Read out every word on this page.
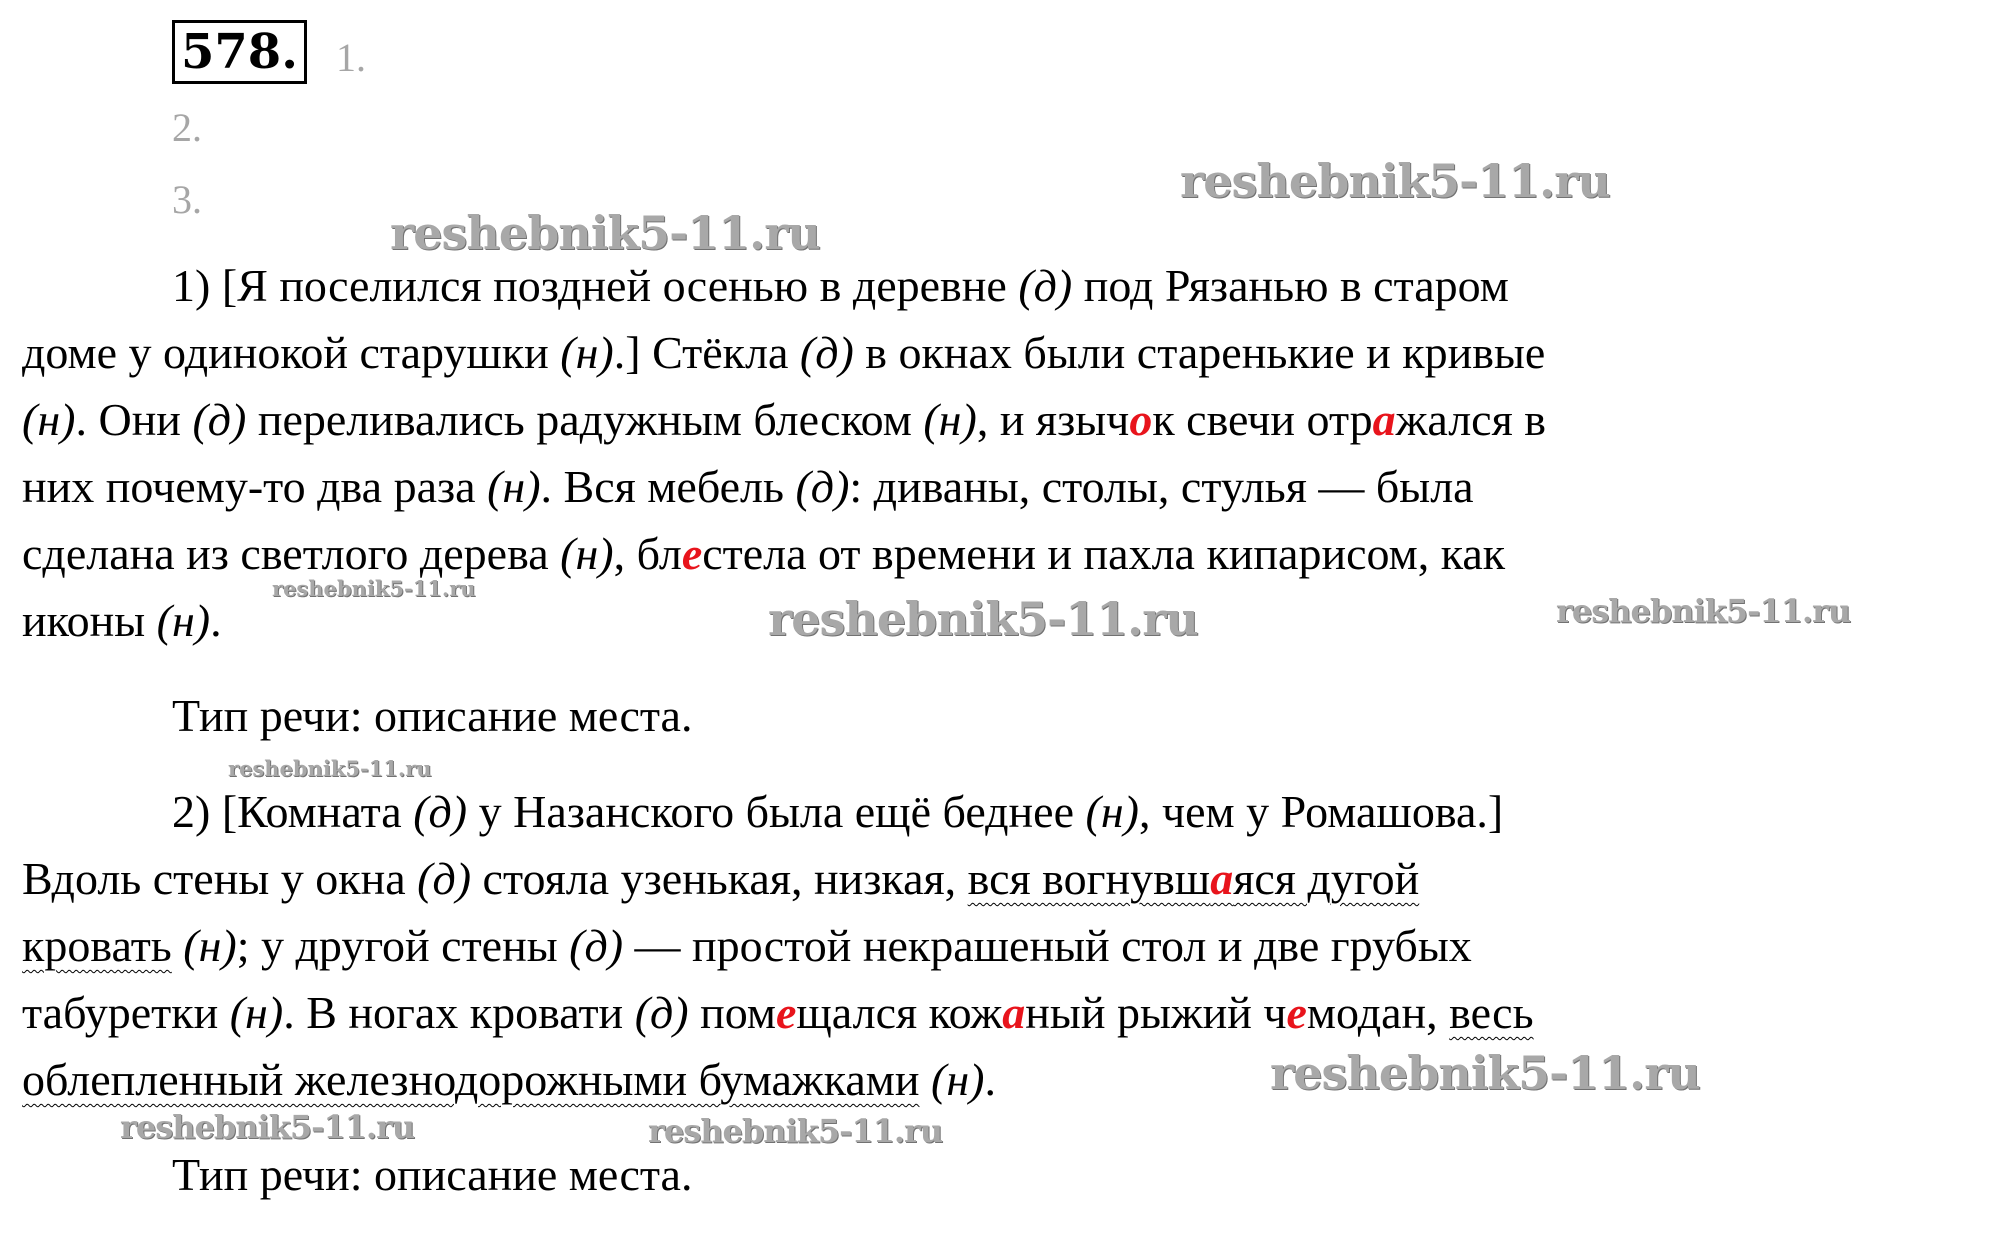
578. 1.
2.
3.
1) [Я поселился поздней осенью в деревне (д) под Рязанью в старом
доме у одинокой старушки (н).] Стёкла (д) в окнах были старенькие и кривые
(н). Они (д) переливались радужным блеском (н), и язычок свечи отражался в
них почему-то два раза (н). Вся мебель (д): диваны, столы, стулья — была
сделана из светлого дерева (н), блестела от времени и пахла кипарисом, как
иконы (н).
Тип речи: описание места.
2) [Комната (д) у Назанского была ещё беднее (н), чем у Ромашова.]
Вдоль стены у окна (д) стояла узенькая, низкая, вся вогнувшаяся дугой
кровать (н); у другой стены (д) — простой некрашеный стол и две грубых
табуретки (н). В ногах кровати (д) помещался кожаный рыжий чемодан, весь
облепленный железнодорожными бумажками (н).
Тип речи: описание места.
reshebnik5-11.ru
reshebnik5-11.ru
reshebnik5-11.ru
reshebnik5-11.ru	reshebnik5-11.ru
reshebnik5-11.ru
reshebnik5-11.ru
reshebnik5-11.ru	reshebnik5-11.ru
